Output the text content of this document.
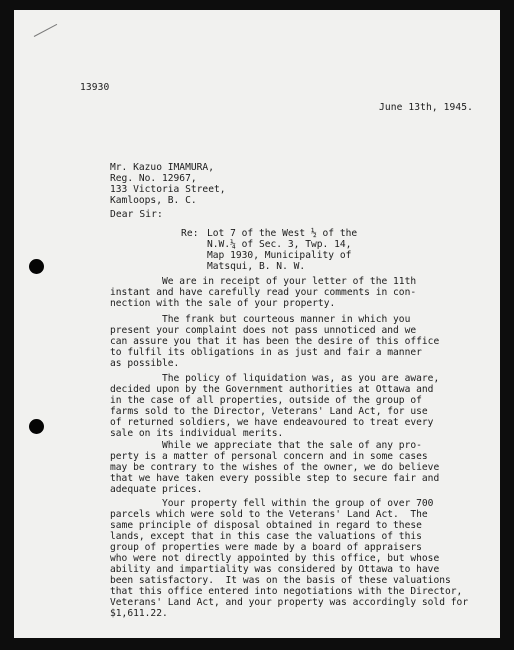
13930
June 13th, 1945.
Mr. Kazuo IMAMURA,
Reg. No. 12967,
133 Victoria Street,
Kamloops, B. C.
Dear Sir:
Re: Lot 7 of the West ½ of the
N.W.¼ of Sec. 3, Twp. 14,
Map 1930, Municipality of
Matsqui, B. N. W.
We are in receipt of your letter of the 11th
instant and have carefully read your comments in con-
nection with the sale of your property.
The frank but courteous manner in which you
present your complaint does not pass unnoticed and we
can assure you that it has been the desire of this office
to fulfil its obligations in as just and fair a manner
as possible.
The policy of liquidation was, as you are aware,
decided upon by the Government authorities at Ottawa and
in the case of all properties, outside of the group of
farms sold to the Director, Veterans' Land Act, for use
of returned soldiers, we have endeavoured to treat every
sale on its individual merits.
While we appreciate that the sale of any pro-
perty is a matter of personal concern and in some cases
may be contrary to the wishes of the owner, we do believe
that we have taken every possible step to secure fair and
adequate prices.
Your property fell within the group of over 700
parcels which were sold to the Veterans' Land Act.  The
same principle of disposal obtained in regard to these
lands, except that in this case the valuations of this
group of properties were made by a board of appraisers
who were not directly appointed by this office, but whose
ability and impartiality was considered by Ottawa to have
been satisfactory.  It was on the basis of these valuations
that this office entered into negotiations with the Director,
Veterans' Land Act, and your property was accordingly sold for
$1,611.22.
